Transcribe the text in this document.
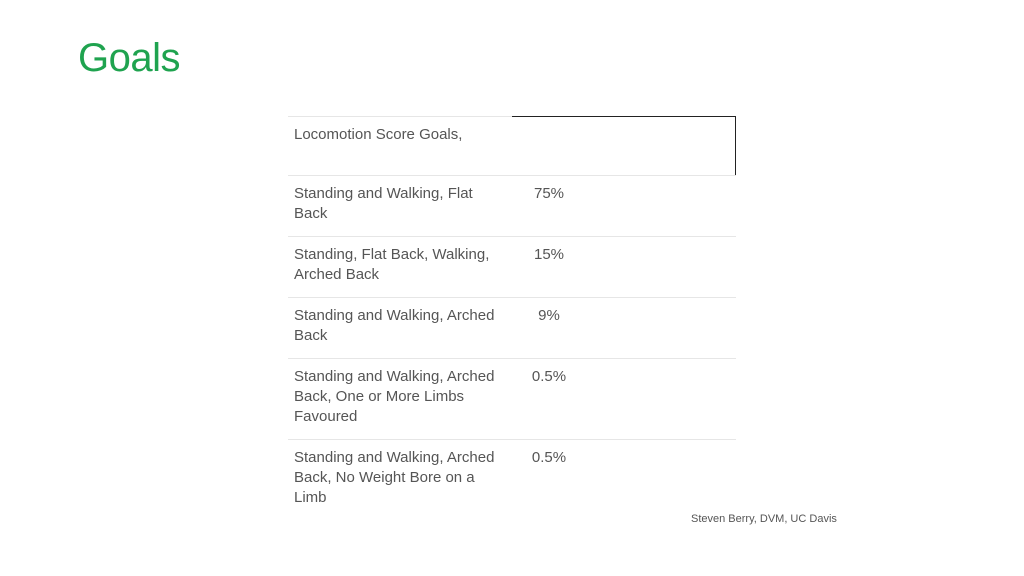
Goals
Locomotion Score Goals,		
Standing and Walking, Flat Back	75%	
Standing, Flat Back, Walking, Arched Back	15%	
Standing and Walking, Arched Back	9%	
Standing and Walking, Arched Back, One or More Limbs Favoured	0.5%	
Standing and Walking, Arched Back, No Weight Bore on a Limb	0.5%	
Steven Berry, DVM, UC Davis
